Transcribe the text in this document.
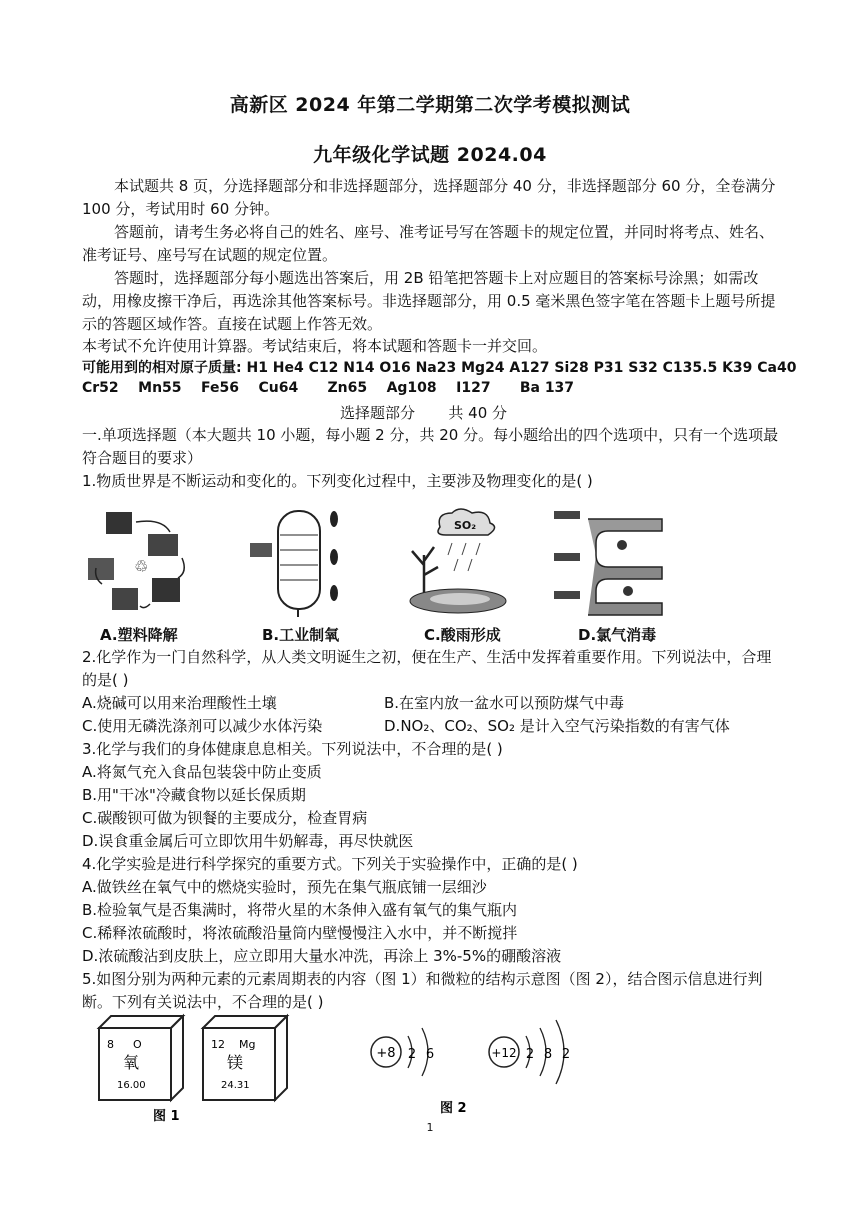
高新区 2024 年第二学期第二次学考模拟测试
九年级化学试题 2024.04
本试题共 8 页，分选择题部分和非选择题部分，选择题部分 40 分，非选择题部分 60 分，全卷满分 100 分，考试用时 60 分钟。
答题前，请考生务必将自己的姓名、座号、准考证号写在答题卡的规定位置，并同时将考点、姓名、准考证号、座号写在试题的规定位置。
答题时，选择题部分每小题选出答案后，用 2B 铅笔把答题卡上对应题目的答案标号涂黑；如需改动，用橡皮擦干净后，再选涂其他答案标号。非选择题部分，用 0.5 毫米黑色签字笔在答题卡上题号所提示的答题区域作答。直接在试题上作答无效。
本考试不允许使用计算器。考试结束后，将本试题和答题卡一并交回。
可能用到的相对原子质量: H1 He4 C12 N14 O16 Na23 Mg24 A127 Si28 P31 S32 C135.5 K39 Ca40
Cr52    Mn55    Fe56    Cu64      Zn65    Ag108    I127      Ba 137
选择题部分       共 40 分
一.单项选择题（本大题共 10 小题，每小题 2 分，共 20 分。每小题给出的四个选项中，只有一个选项最符合题目的要求）
1.物质世界是不断运动和变化的。下列变化过程中，主要涉及物理变化的是( )
♲
SO₂
A.塑料降解	B.工业制氧	C.酸雨形成	D.氯气消毒
2.化学作为一门自然科学，从人类文明诞生之初，便在生产、生活中发挥着重要作用。下列说法中，合理的是( )
A.烧碱可以用来治理酸性土壤	B.在室内放一盆水可以预防煤气中毒
C.使用无磷洗涤剂可以减少水体污染	D.NO₂、CO₂、SO₂ 是计入空气污染指数的有害气体
3.化学与我们的身体健康息息相关。下列说法中，不合理的是( )
A.将氮气充入食品包装袋中防止变质
B.用"干冰"冷藏食物以延长保质期
C.碳酸钡可做为钡餐的主要成分，检查胃病
D.误食重金属后可立即饮用牛奶解毒，再尽快就医
4.化学实验是进行科学探究的重要方式。下列关于实验操作中，正确的是( )
A.做铁丝在氧气中的燃烧实验时，预先在集气瓶底铺一层细沙
B.检验氧气是否集满时，将带火星的木条伸入盛有氧气的集气瓶内
C.稀释浓硫酸时，将浓硫酸沿量筒内壁慢慢注入水中，并不断搅拌
D.浓硫酸沾到皮肤上，应立即用大量水冲洗，再涂上 3%-5%的硼酸溶液
5.如图分别为两种元素的元素周期表的内容（图 1）和微粒的结构示意图（图 2），结合图示信息进行判断。下列有关说法中，不合理的是( )
8 O
氧
16.00
12 Mg
镁
24.31
图 1
+8 2 6	+12 2 8 2
图 2
1
